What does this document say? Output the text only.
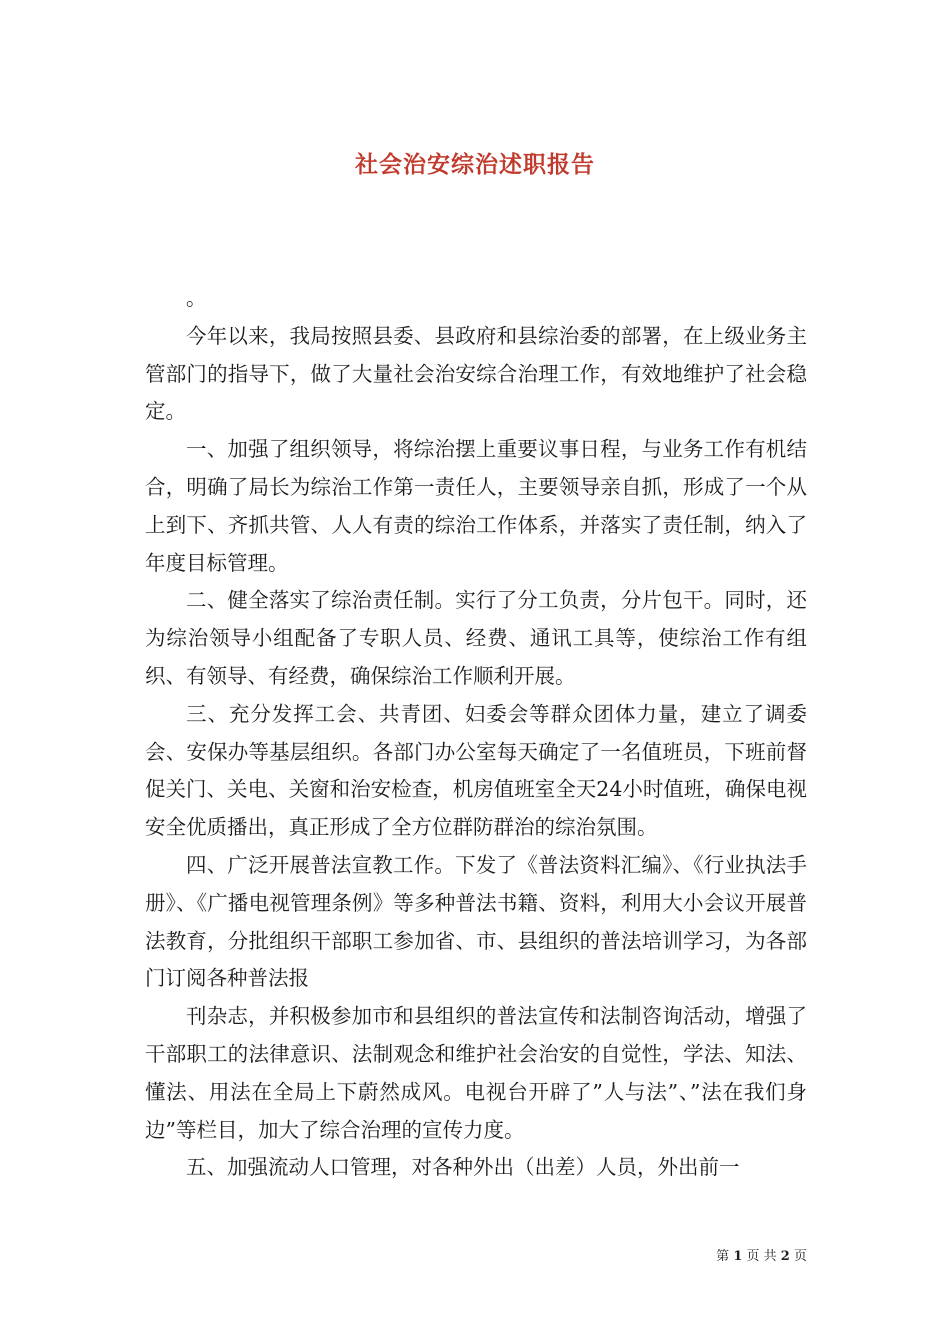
社会治安综治述职报告

。

今年以来，我局按照县委、县政府和县综治委的部署，在上级业务主管部门的指导下，做了大量社会治安综合治理工作，有效地维护了社会稳定。

一、加强了组织领导，将综治摆上重要议事日程，与业务工作有机结合，明确了局长为综治工作第一责任人，主要领导亲自抓，形成了一个从上到下、齐抓共管、人人有责的综治工作体系，并落实了责任制，纳入了年度目标管理。

二、健全落实了综治责任制。实行了分工负责，分片包干。同时，还为综治领导小组配备了专职人员、经费、通讯工具等，使综治工作有组织、有领导、有经费，确保综治工作顺利开展。

三、充分发挥工会、共青团、妇委会等群众团体力量，建立了调委会、安保办等基层组织。各部门办公室每天确定了一名值班员，下班前督促关门、关电、关窗和治安检查，机房值班室全天24小时值班，确保电视安全优质播出，真正形成了全方位群防群治的综治氛围。

四、广泛开展普法宣教工作。下发了《普法资料汇编》、《行业执法手册》、《广播电视管理条例》等多种普法书籍、资料，利用大小会议开展普法教育，分批组织干部职工参加省、市、县组织的普法培训学习，为各部门订阅各种普法报

刊杂志，并积极参加市和县组织的普法宣传和法制咨询活动，增强了干部职工的法律意识、法制观念和维护社会治安的自觉性，学法、知法、懂法、用法在全局上下蔚然成风。电视台开辟了”人与法”、”法在我们身边”等栏目，加大了综合治理的宣传力度。

五、加强流动人口管理，对各种外出（出差）人员，外出前一

第 1 页 共 2 页
